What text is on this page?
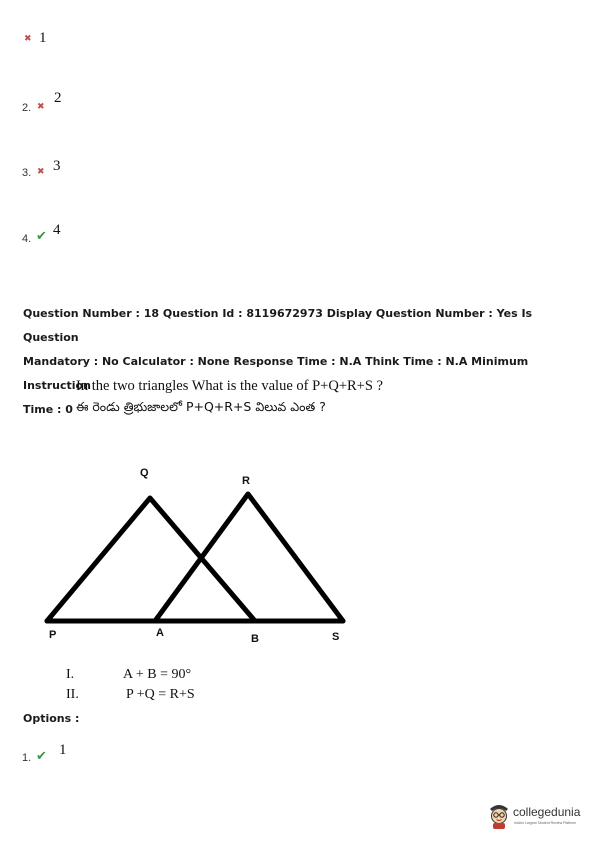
✖ 1
2. ✖
2
3. ✖ 3
4. ✔ 4
Question Number : 18 Question Id : 8119672973 Display Question Number : Yes Is Question
Mandatory : No Calculator : None Response Time : N.A Think Time : N.A Minimum Instruction
Time : 0
In the two triangles What is the value of P+Q+R+S ?
ఈ రెండు త్రిభుజాలలో P+Q+R+S విలువ ఎంత ?
Q
R
P	A	B	S
I.	A + B = 90°
II.	P +Q = R+S
Options :
1. ✔ 1
collegedunia
India's Largest Student Review Platform
